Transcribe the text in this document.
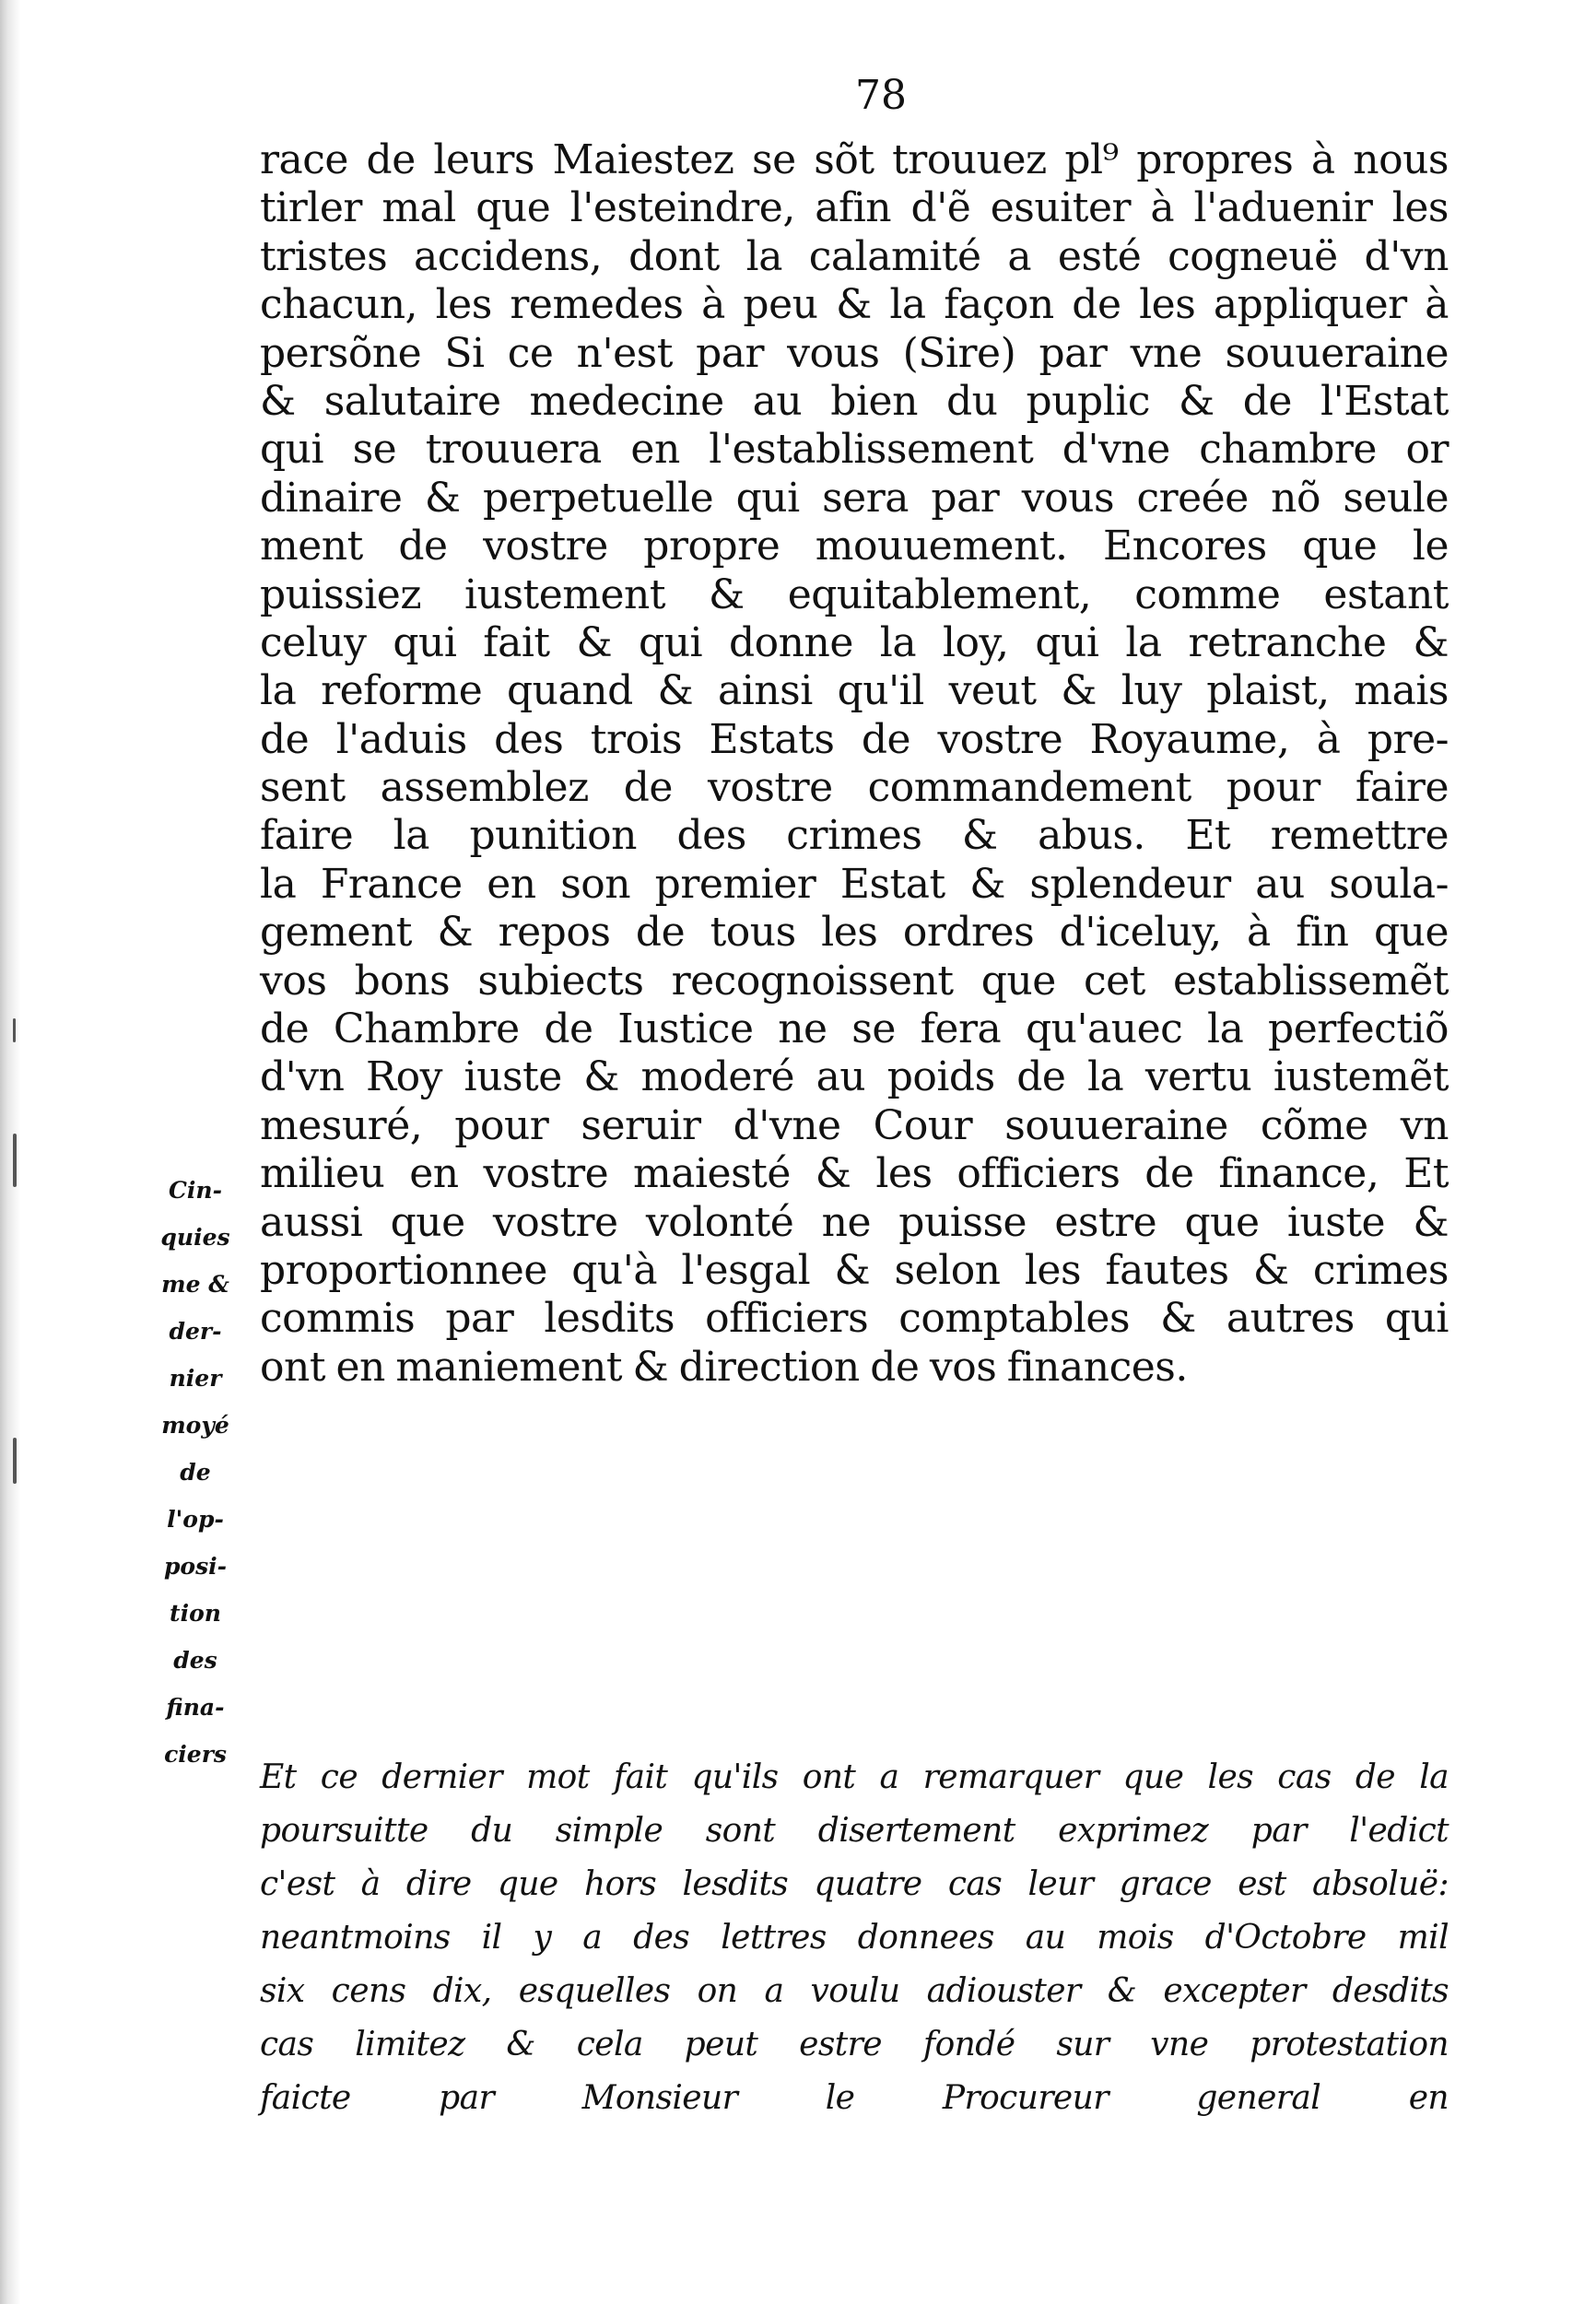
78
Cin-
quies
me &
der-
nier
moyé
de
l'op-
posi-
tion
des
fina-
ciers
race de leurs Maiestez se sõt trouuez pl⁹ propres à nous
tirler mal que l'esteindre, afin d'ẽ esuiter à l'aduenir les
tristes accidens, dont la calamité a esté cogneuë d'vn
chacun, les remedes à peu & la façon de les appliquer à
persõne Si ce n'est par vous (Sire) par vne souueraine
& salutaire medecine au bien du puplic & de l'Estat
qui se trouuera en l'establissement d'vne chambre or
dinaire & perpetuelle qui sera par vous creée nõ seule
ment de vostre propre mouuement. Encores que le
puissiez iustement & equitablement, comme estant
celuy qui fait & qui donne la loy, qui la retranche &
la reforme quand & ainsi qu'il veut & luy plaist, mais
de l'aduis des trois Estats de vostre Royaume, à pre-
sent assemblez de vostre commandement pour faire
faire la punition des crimes & abus. Et remettre
la France en son premier Estat & splendeur au soula-
gement & repos de tous les ordres d'iceluy, à fin que
vos bons subiects recognoissent que cet establissemẽt
de Chambre de Iustice ne se fera qu'auec la perfectiõ
d'vn Roy iuste & moderé au poids de la vertu iustemẽt
mesuré, pour seruir d'vne Cour souueraine cõme vn
milieu en vostre maiesté & les officiers de finance, Et
aussi que vostre volonté ne puisse estre que iuste &
proportionnee qu'à l'esgal & selon les fautes & crimes
commis par lesdits officiers comptables & autres qui
ont en maniement & direction de vos finances.
Et ce dernier mot fait qu'ils ont a remarquer que les cas de la
poursuitte du simple sont disertement exprimez par l'edict
c'est à dire que hors lesdits quatre cas leur grace est absoluë:
neantmoins il y a des lettres donnees au mois d'Octobre mil
six cens dix, esquelles on a voulu adiouster & excepter desdits
cas limitez & cela peut estre fondé sur vne protestation
faicte par Monsieur le Procureur general en
